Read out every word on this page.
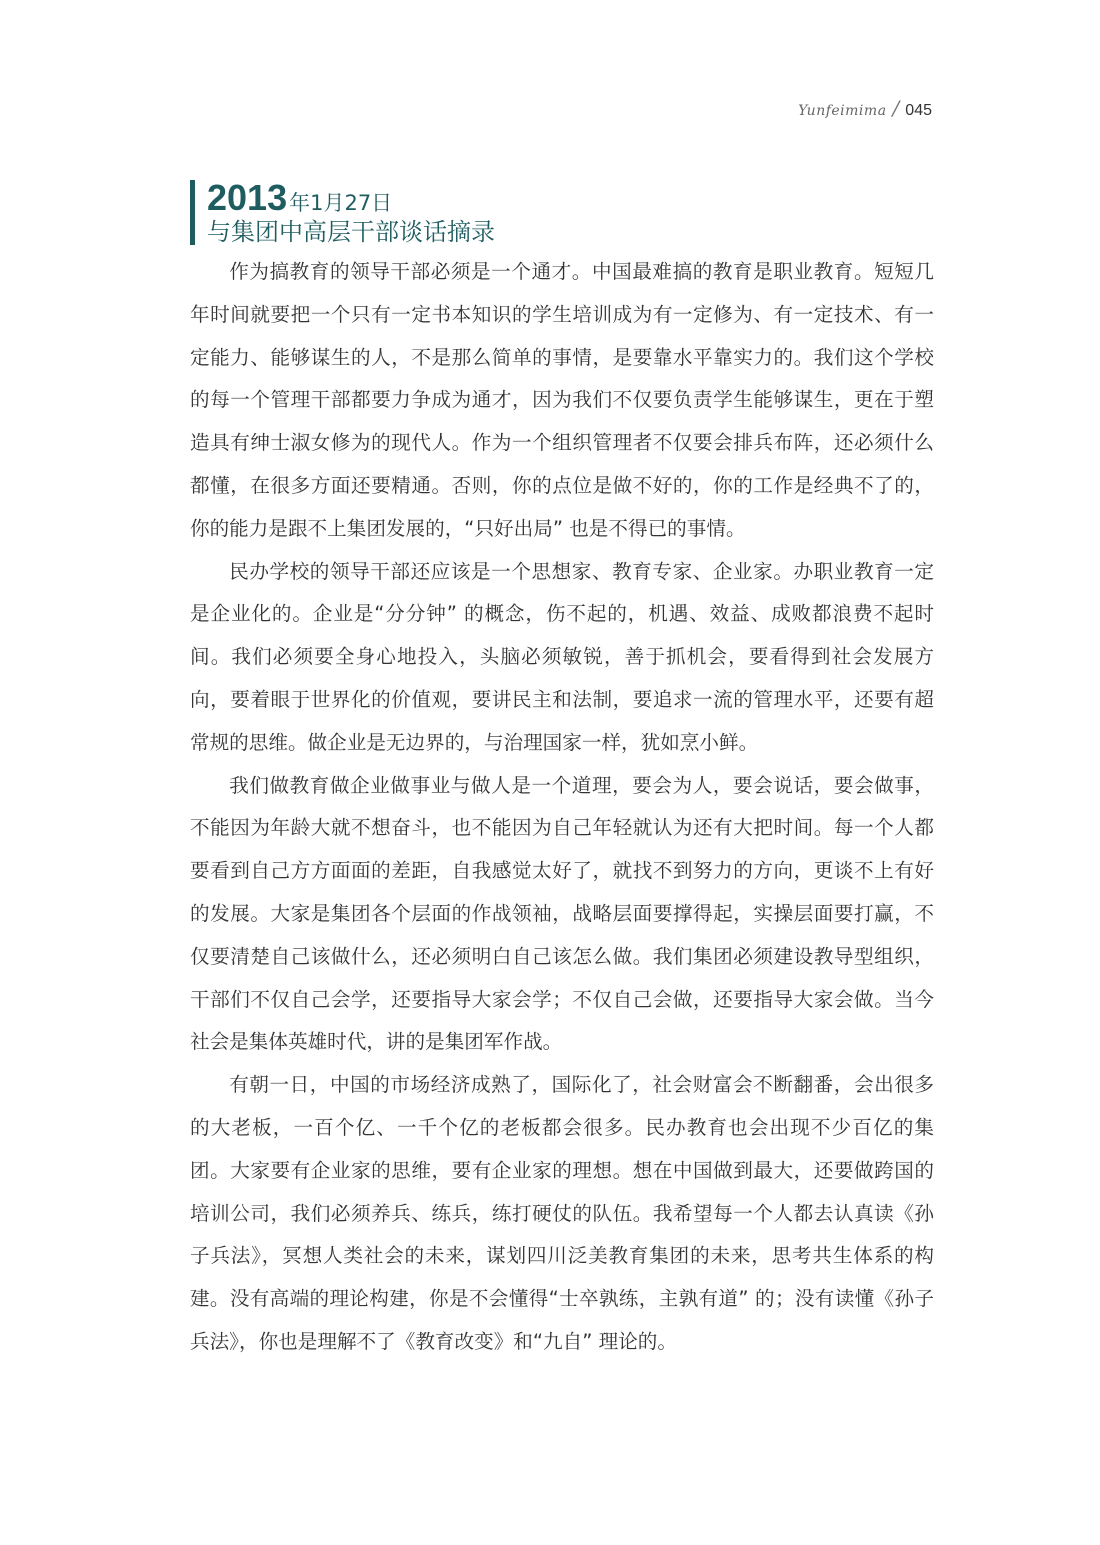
Yunfeimima / 045
2013 年1月27日
与集团中高层干部谈话摘录

作为搞教育的领导干部必须是一个通才。中国最难搞的教育是职业教育。短短几年时间就要把一个只有一定书本知识的学生培训成为有一定修为、有一定技术、有一定能力、能够谋生的人，不是那么简单的事情，是要靠水平靠实力的。我们这个学校的每一个管理干部都要力争成为通才，因为我们不仅要负责学生能够谋生，更在于塑造具有绅士淑女修为的现代人。作为一个组织管理者不仅要会排兵布阵，还必须什么都懂，在很多方面还要精通。否则，你的点位是做不好的，你的工作是经典不了的，你的能力是跟不上集团发展的，“只好出局” 也是不得已的事情。

民办学校的领导干部还应该是一个思想家、教育专家、企业家。办职业教育一定是企业化的。企业是“分分钟” 的概念，伤不起的，机遇、效益、成败都浪费不起时间。我们必须要全身心地投入，头脑必须敏锐，善于抓机会，要看得到社会发展方向，要着眼于世界化的价值观，要讲民主和法制，要追求一流的管理水平，还要有超常规的思维。做企业是无边界的，与治理国家一样，犹如烹小鲜。

我们做教育做企业做事业与做人是一个道理，要会为人，要会说话，要会做事，不能因为年龄大就不想奋斗，也不能因为自己年轻就认为还有大把时间。每一个人都要看到自己方方面面的差距，自我感觉太好了，就找不到努力的方向，更谈不上有好的发展。大家是集团各个层面的作战领袖，战略层面要撑得起，实操层面要打赢，不仅要清楚自己该做什么，还必须明白自己该怎么做。我们集团必须建设教导型组织，干部们不仅自己会学，还要指导大家会学；不仅自己会做，还要指导大家会做。当今社会是集体英雄时代，讲的是集团军作战。

有朝一日，中国的市场经济成熟了，国际化了，社会财富会不断翻番，会出很多的大老板，一百个亿、一千个亿的老板都会很多。民办教育也会出现不少百亿的集团。大家要有企业家的思维，要有企业家的理想。想在中国做到最大，还要做跨国的培训公司，我们必须养兵、练兵，练打硬仗的队伍。我希望每一个人都去认真读《孙子兵法》，冥想人类社会的未来，谋划四川泛美教育集团的未来，思考共生体系的构建。没有高端的理论构建，你是不会懂得“士卒孰练，主孰有道” 的；没有读懂《孙子兵法》，你也是理解不了《教育改变》和“九自” 理论的。
